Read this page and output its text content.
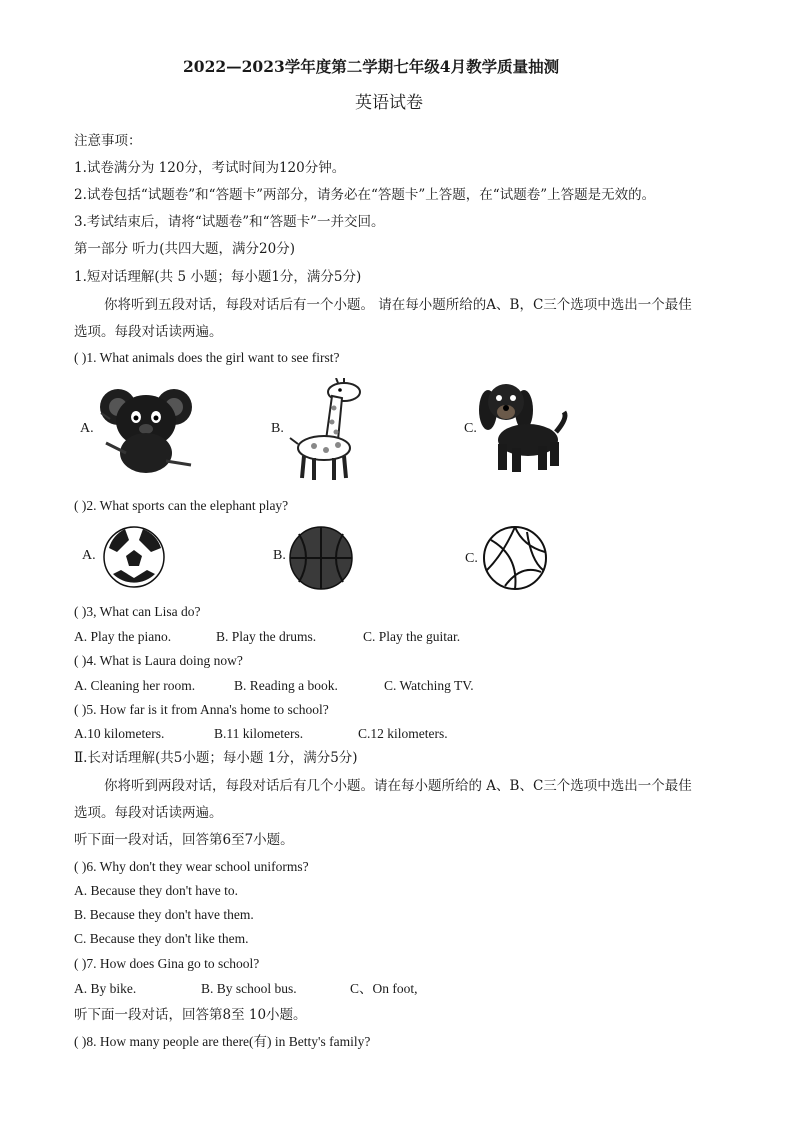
2022—2023学年度第二学期七年级4月教学质量抽测
英语试卷
注意事项：
1.试卷满分为 120分，考试时间为120分钟。
2.试卷包括“试题卷”和“答题卡”两部分，请务必在“答题卡”上答题，在“试题卷”上答题是无效的。
3.考试结束后，请将“试题卷”和“答题卡”一并交回。
第一部分 听力(共四大题，满分20分)
1.短对话理解(共 5 小题；每小题1分，满分5分)
你将听到五段对话，每段对话后有一个小题。 请在每小题所给的A、B，C三个选项中选出一个最佳
选项。每段对话读两遍。
( )1. What animals does the girl want to see first?
A.	B.	C.
( )2. What sports can the elephant play?
A.	B.	C.
( )3, What can Lisa do?
A. Play the piano.	B. Play the drums.	C. Play the guitar.
( )4. What is Laura doing now?
A. Cleaning her room.	B. Reading a book.	C. Watching TV.
( )5. How far is it from Anna's home to school?
A.10 kilometers.	B.11 kilometers.	C.12 kilometers.
Ⅱ.长对话理解(共5小题；每小题 1分，满分5分)
你将听到两段对话，每段对话后有几个小题。请在每小题所给的 A、B、C三个选项中选出一个最佳
选项。每段对话读两遍。
听下面一段对话，回答第6至7小题。
( )6. Why don't they wear school uniforms?
A. Because they don't have to.
B. Because they don't have them.
C. Because they don't like them.
( )7. How does Gina go to school?
A. By bike.	B. By school bus.	C、On foot,
听下面一段对话，回答第8至 10小题。
( )8. How many people are there(有) in Betty's family?
